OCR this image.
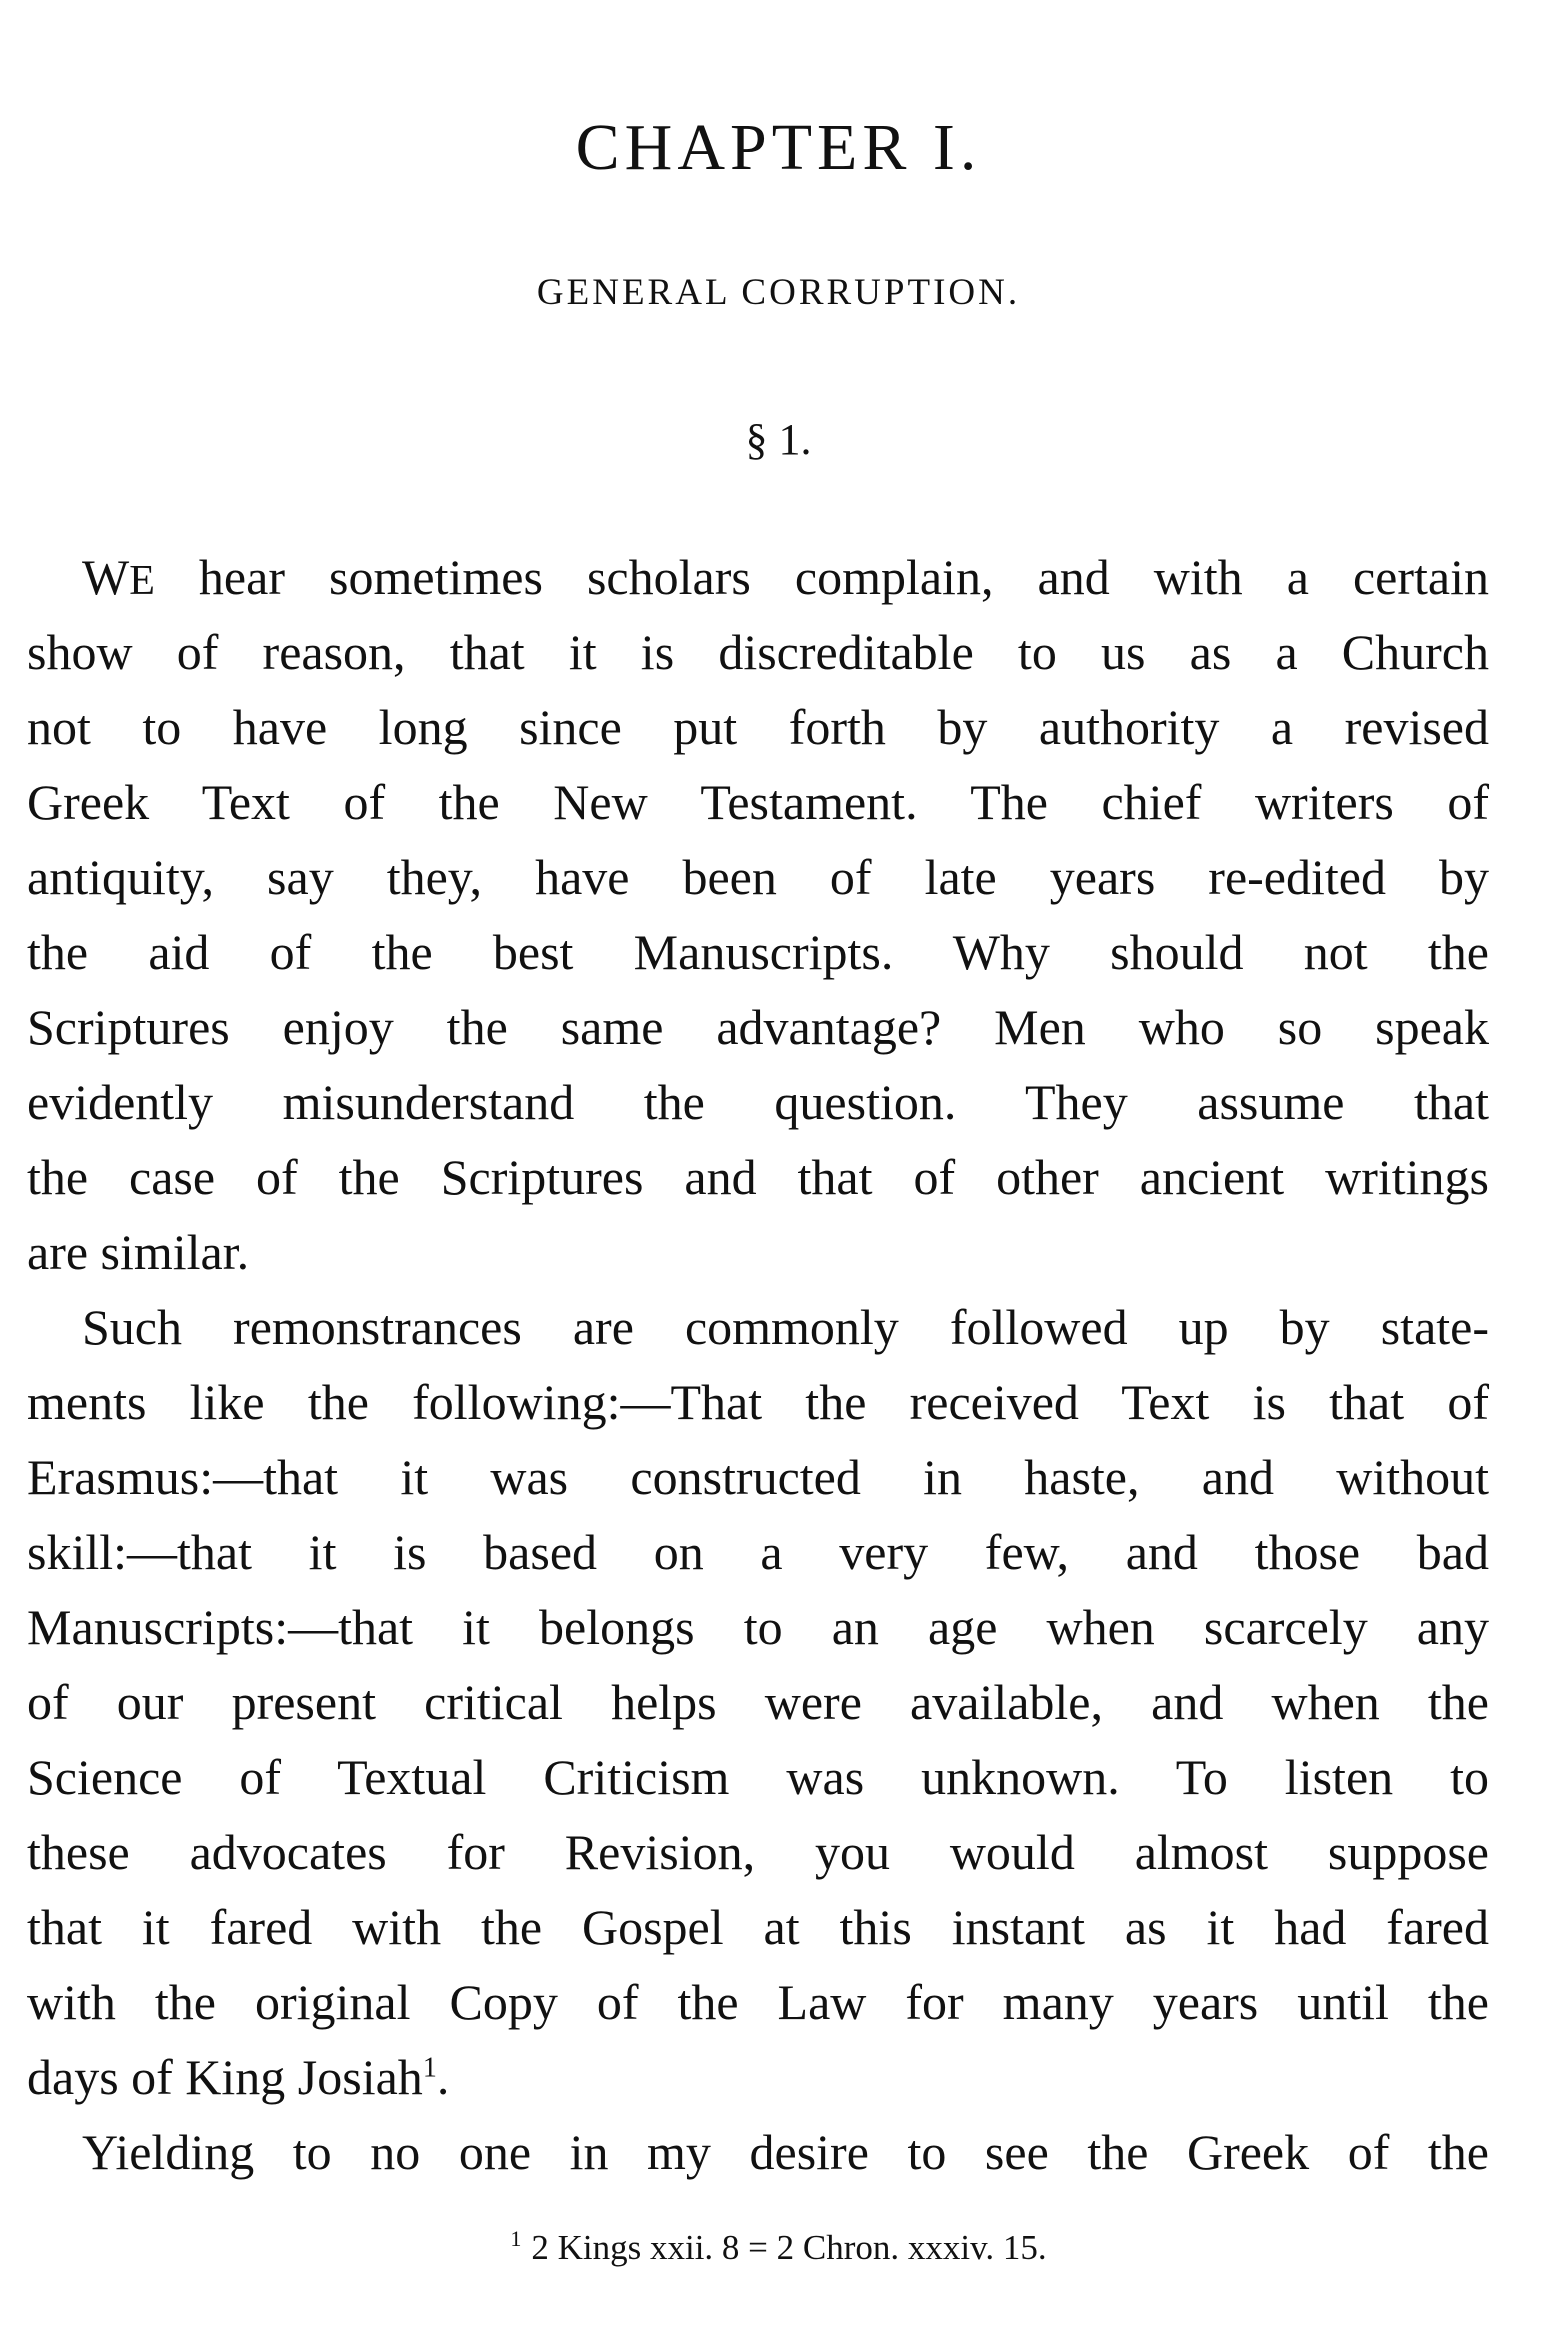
CHAPTER I.
GENERAL CORRUPTION.
§ 1.
WE hear sometimes scholars complain, and with a certain
show of reason, that it is discreditable to us as a Church
not to have long since put forth by authority a revised
Greek Text of the New Testament. The chief writers of
antiquity, say they, have been of late years re-edited by
the aid of the best Manuscripts. Why should not the
Scriptures enjoy the same advantage? Men who so speak
evidently misunderstand the question. They assume that
the case of the Scriptures and that of other ancient writings
are similar.
Such remonstrances are commonly followed up by state-
ments like the following:—That the received Text is that of
Erasmus:—that it was constructed in haste, and without
skill:—that it is based on a very few, and those bad
Manuscripts:—that it belongs to an age when scarcely any
of our present critical helps were available, and when the
Science of Textual Criticism was unknown. To listen to
these advocates for Revision, you would almost suppose
that it fared with the Gospel at this instant as it had fared
with the original Copy of the Law for many years until the
days of King Josiah$^1$.
Yielding to no one in my desire to see the Greek of the
$^1$ 2 Kings xxii. 8 = 2 Chron. xxxiv. 15.
